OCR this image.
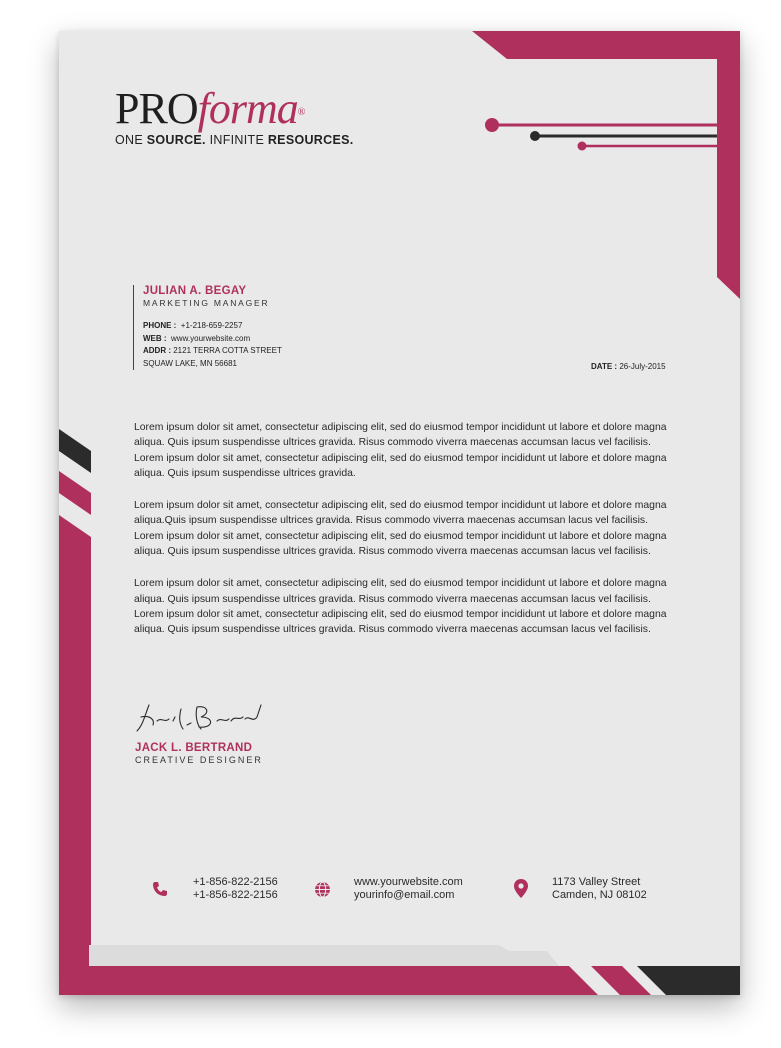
PROforma®
ONE SOURCE. INFINITE RESOURCES.
JULIAN A. BEGAY
MARKETING MANAGER
PHONE : +1-218-659-2257
WEB : www.yourwebsite.com
ADDR : 2121 TERRA COTTA STREET
SQUAW LAKE, MN 56681	DATE : 26-July-2015

Lorem ipsum dolor sit amet, consectetur adipiscing elit, sed do eiusmod tempor incididunt ut labore et dolore magna aliqua. Quis ipsum suspendisse ultrices gravida. Risus commodo viverra maecenas accumsan lacus vel facilisis. Lorem ipsum dolor sit amet, consectetur adipiscing elit, sed do eiusmod tempor incididunt ut labore et dolore magna aliqua. Quis ipsum suspendisse ultrices gravida.

Lorem ipsum dolor sit amet, consectetur adipiscing elit, sed do eiusmod tempor incididunt ut labore et dolore magna aliqua.Quis ipsum suspendisse ultrices gravida. Risus commodo viverra maecenas accumsan lacus vel facilisis. Lorem ipsum dolor sit amet, consectetur adipiscing elit, sed do eiusmod tempor incididunt ut labore et dolore magna aliqua. Quis ipsum suspendisse ultrices gravida. Risus commodo viverra maecenas accumsan lacus vel facilisis.

Lorem ipsum dolor sit amet, consectetur adipiscing elit, sed do eiusmod tempor incididunt ut labore et dolore magna aliqua. Quis ipsum suspendisse ultrices gravida. Risus commodo viverra maecenas accumsan lacus vel facilisis. Lorem ipsum dolor sit amet, consectetur adipiscing elit, sed do eiusmod tempor incididunt ut labore et dolore magna aliqua. Quis ipsum suspendisse ultrices gravida. Risus commodo viverra maecenas accumsan lacus vel facilisis.

JACK L. BERTRAND
CREATIVE DESIGNER
+1-856-822-2156
+1-856-822-2156
www.yourwebsite.com
yourinfo@email.com
1173 Valley Street
Camden, NJ 08102
